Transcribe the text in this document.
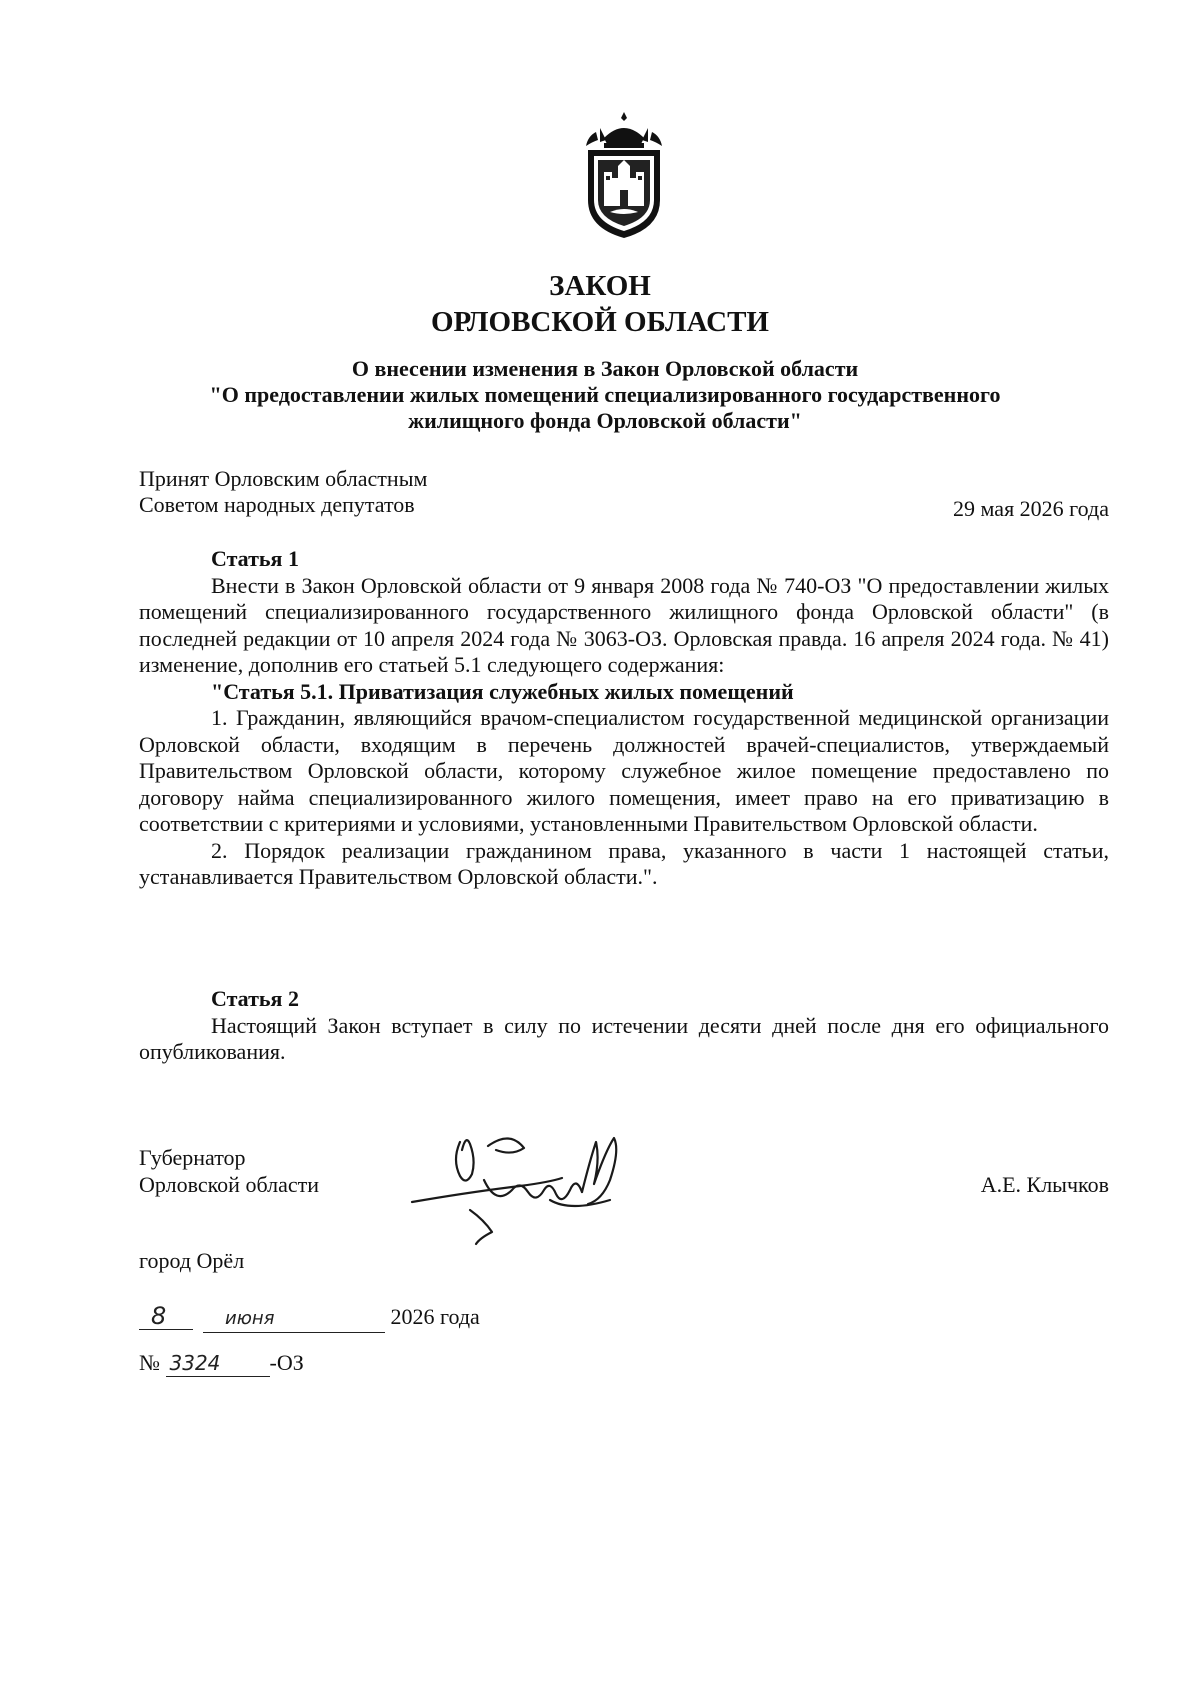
ЗАКОН
ОРЛОВСКОЙ ОБЛАСТИ
О внесении изменения в Закон Орловской области
"О предоставлении жилых помещений специализированного государственного
жилищного фонда Орловской области"
Принят Орловским областным
Советом народных депутатов	29 мая 2026 года
Статья 1

Внести в Закон Орловской области от 9 января 2008 года № 740-ОЗ "О предоставлении жилых помещений специализированного государственного жилищного фонда Орловской области" (в последней редакции от 10 апреля 2024 года № 3063-ОЗ. Орловская правда. 16 апреля 2024 года. № 41) изменение, дополнив его статьей 5.1 следующего содержания:

"Статья 5.1. Приватизация служебных жилых помещений

1. Гражданин, являющийся врачом-специалистом государственной медицинской организации Орловской области, входящим в перечень должностей врачей-специалистов, утверждаемый Правительством Орловской области, которому служебное жилое помещение предоставлено по договору найма специализированного жилого помещения, имеет право на его приватизацию в соответствии с критериями и условиями, установленными Правительством Орловской области.

2. Порядок реализации гражданином права, указанного в части 1 настоящей статьи, устанавливается Правительством Орловской области.".

Статья 2

Настоящий Закон вступает в силу по истечении десяти дней после дня его официального опубликования.

Губернатор
Орловской области	А.Е. Клычков
город Орёл
8	июня	2026 года
№ 3324 -ОЗ
